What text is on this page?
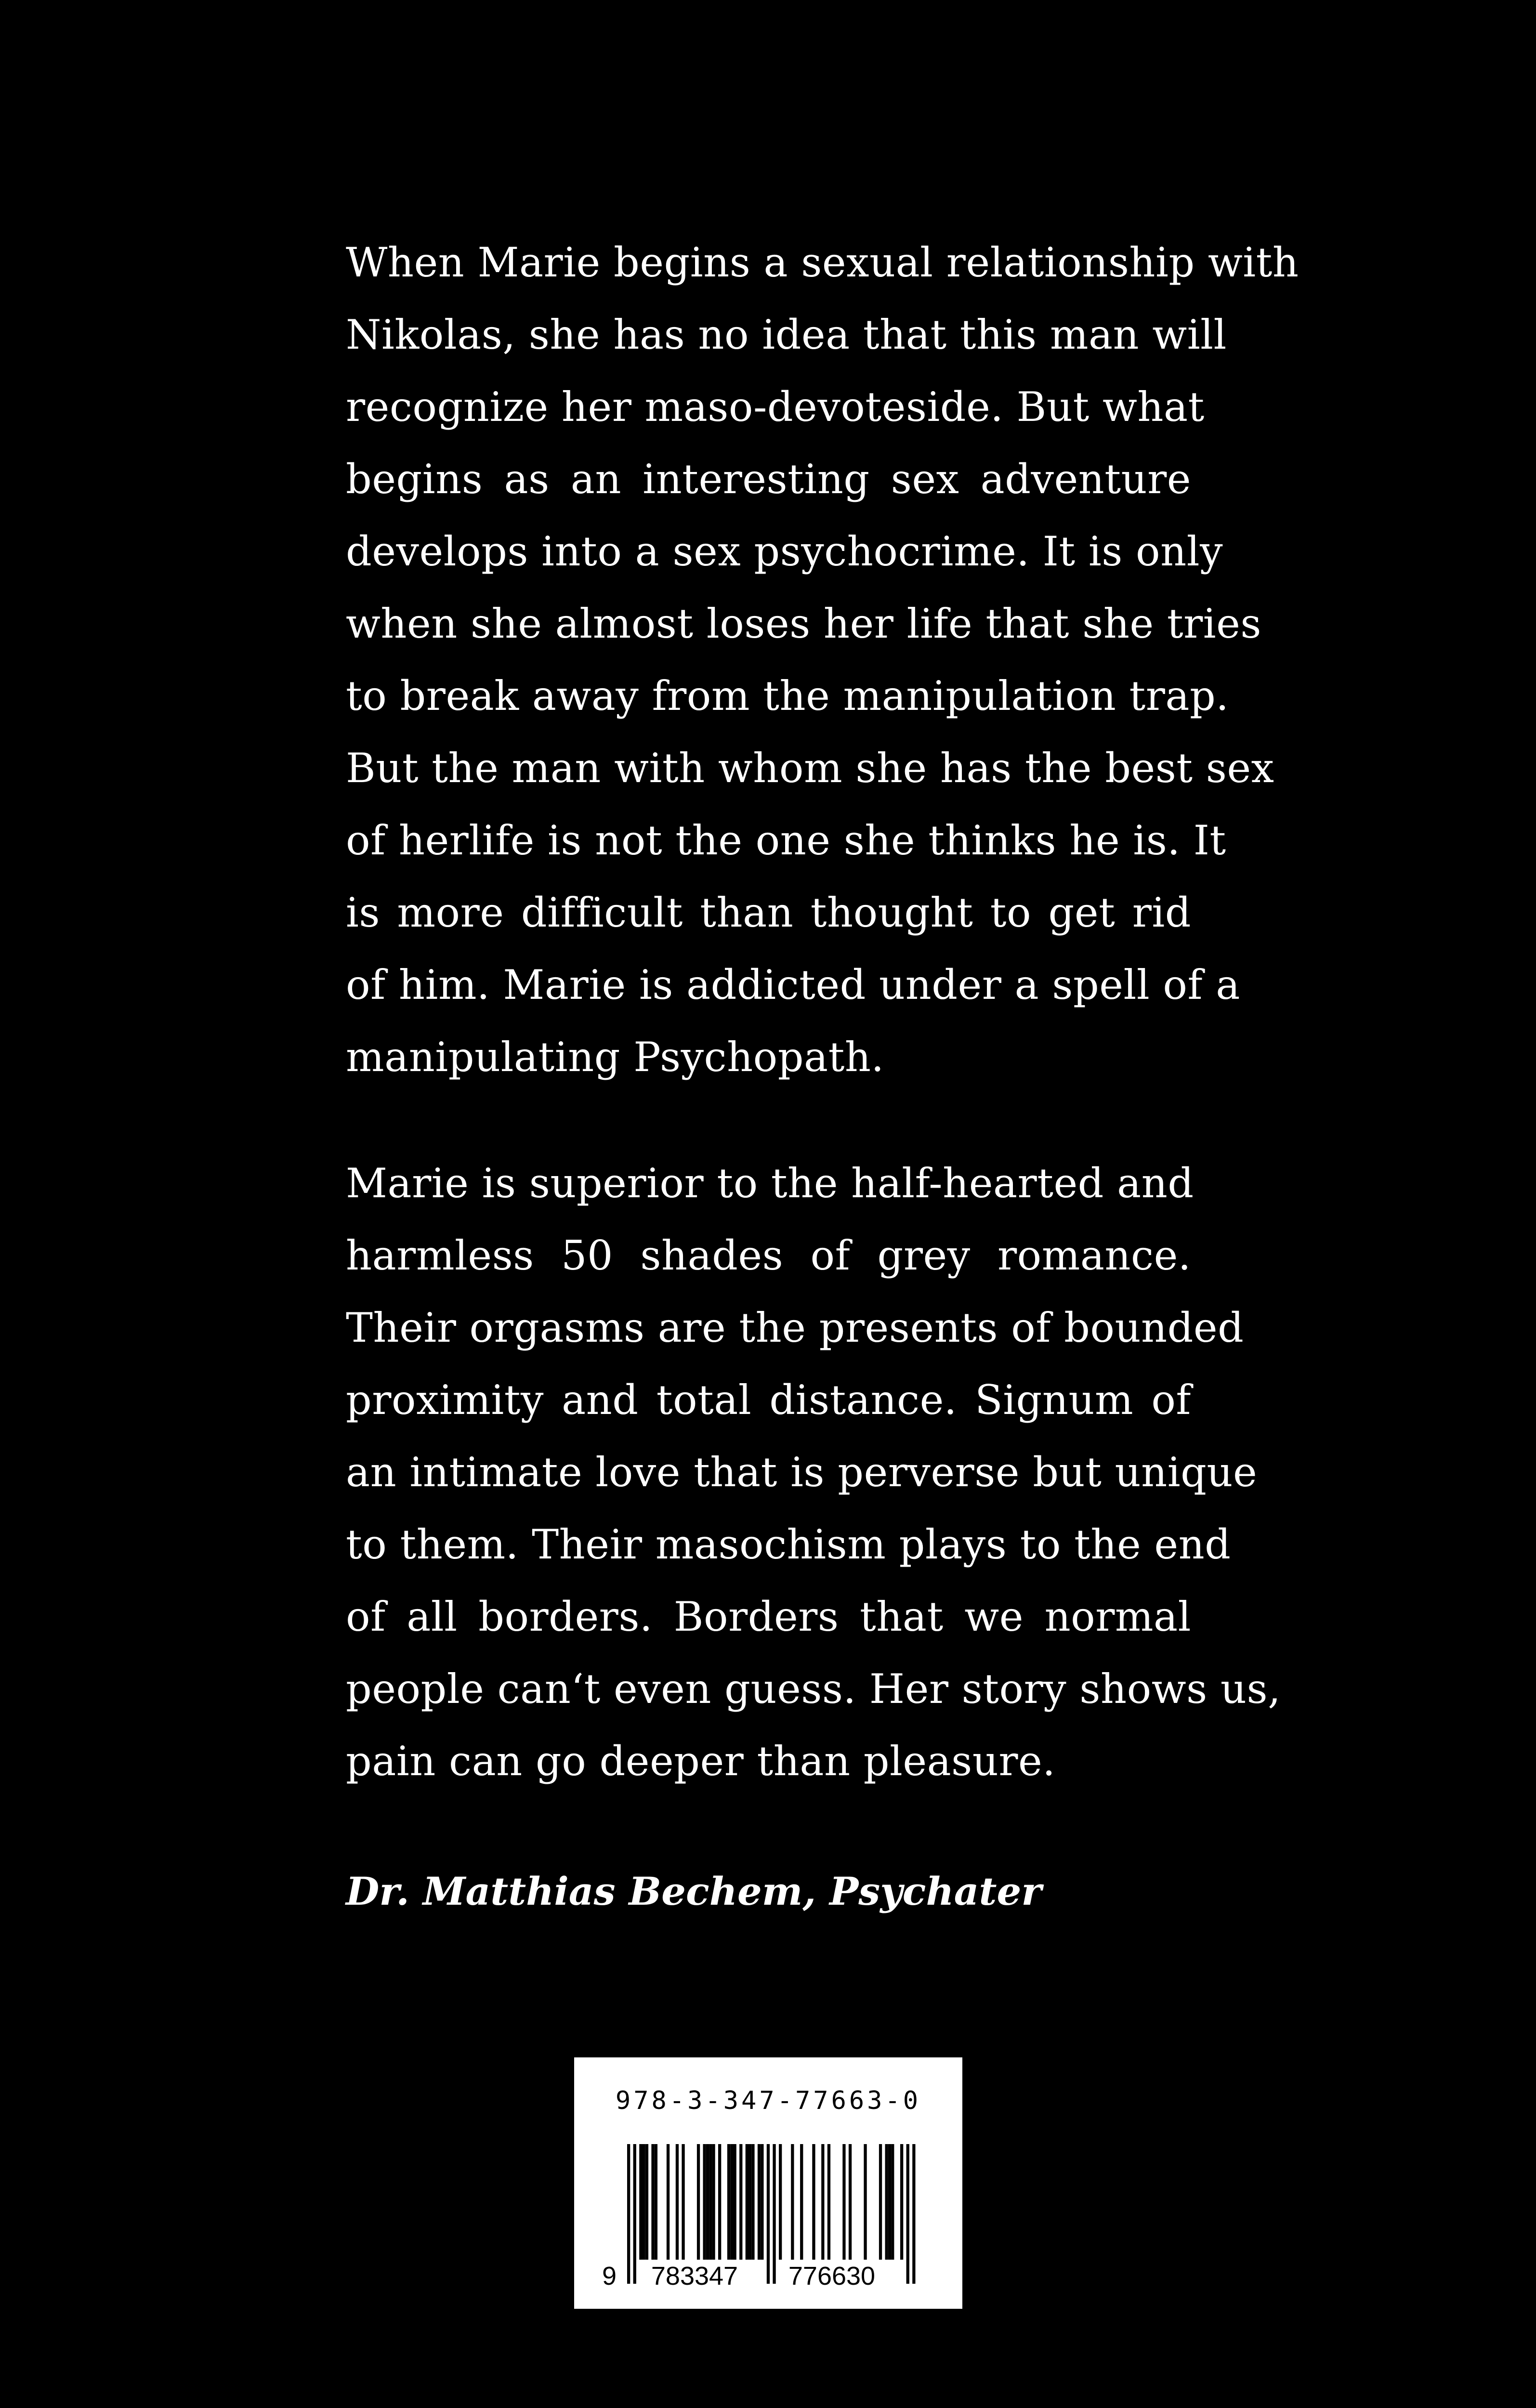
When Marie begins a sexual relationship with
Nikolas, she has no idea that this man will
recognize her maso-devoteside. But what
begins as an interesting sex adventure
develops into a sex psychocrime. It is only
when she almost loses her life that she tries
to break away from the manipulation trap.
But the man with whom she has the best sex
of herlife is not the one she thinks he is. It
is more difficult than thought to get rid
of him. Marie is addicted under a spell of a
manipulating Psychopath.
Marie is superior to the half-hearted and
harmless 50 shades of grey romance.
Their orgasms are the presents of bounded
proximity and total distance. Signum of
an intimate love that is perverse but unique
to them. Their masochism plays to the end
of all borders. Borders that we normal
people can‘t even guess. Her story shows us,
pain can go deeper than pleasure.
Dr. Matthias Bechem, Psychater
978-3-347-77663-0
9 783347 776630
